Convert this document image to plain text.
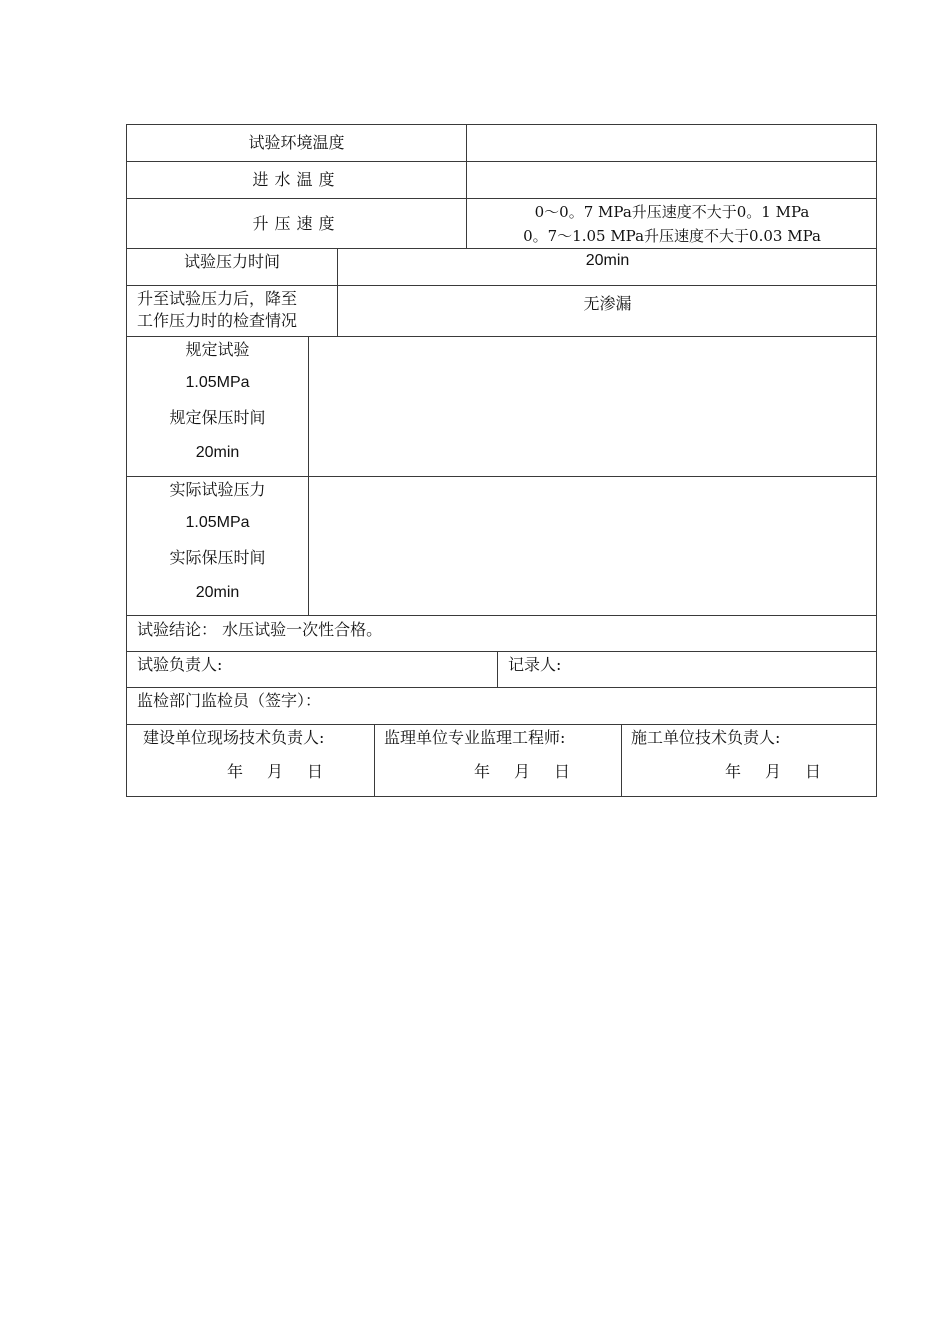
试验环境温度
进水温度
升压速度
0～0。7 MPa升压速度不大于0。1 MPa
0。7～1.05 MPa升压速度不大于0.03 MPa
试验压力时间	20min
升至试验压力后，降至
工作压力时的检查情况
无渗漏
规定试验
1.05MPa
规定保压时间
20min
实际试验压力
1.05MPa
实际保压时间
20min
试验结论： 水压试验一次性合格。
试验负责人:	记录人:
监检部门监检员（签字）：
建设单位现场技术负责人:
年　月　日
监理单位专业监理工程师:
年　月　日
施工单位技术负责人:
年　月　日
